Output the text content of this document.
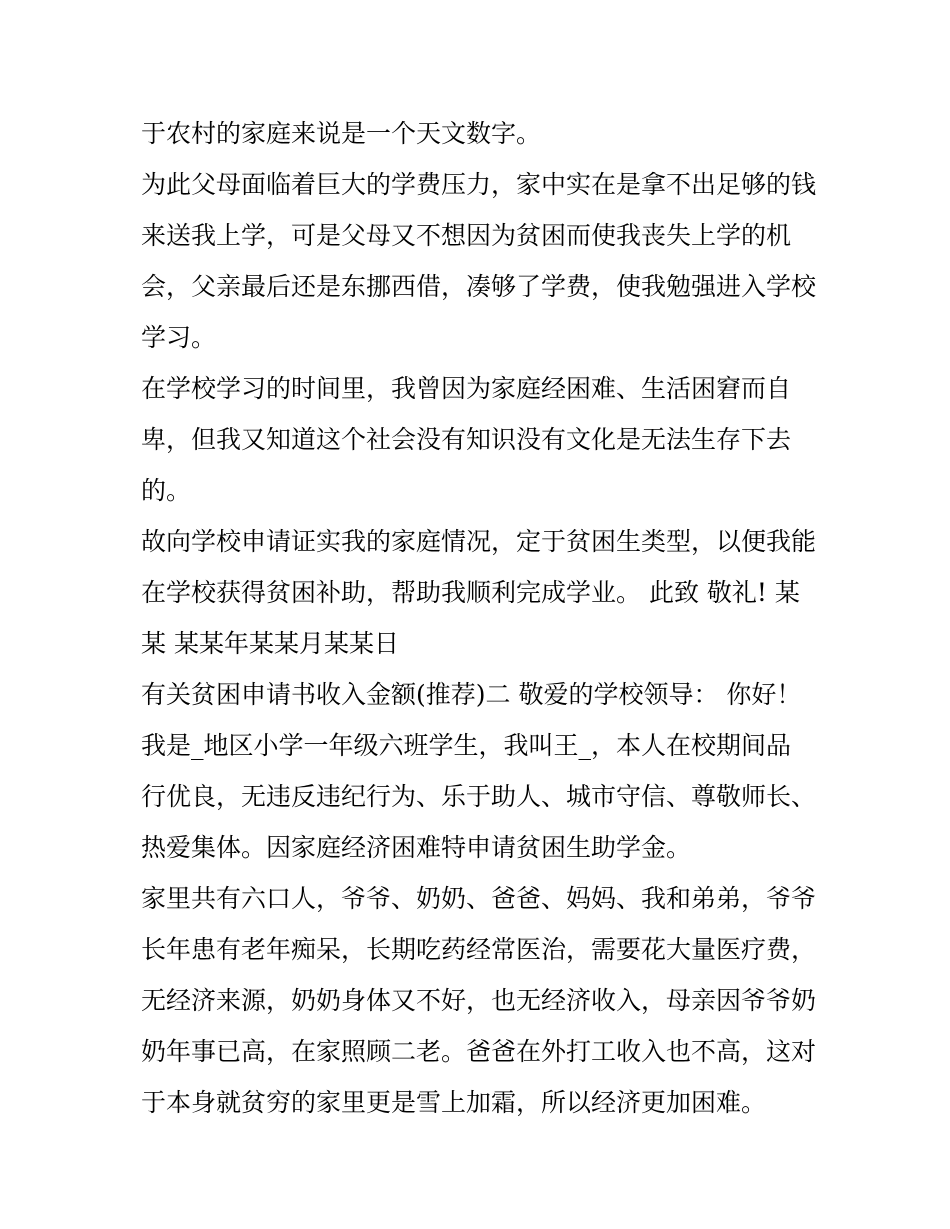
于农村的家庭来说是一个天文数字。
为此父母面临着巨大的学费压力，家中实在是拿不出足够的钱
来送我上学，可是父母又不想因为贫困而使我丧失上学的机
会，父亲最后还是东挪西借，凑够了学费，使我勉强进入学校
学习。
在学校学习的时间里，我曾因为家庭经困难、生活困窘而自
卑，但我又知道这个社会没有知识没有文化是无法生存下去
的。
故向学校申请证实我的家庭情况，定于贫困生类型，以便我能
在学校获得贫困补助，帮助我顺利完成学业。 此致 敬礼! 某
某 某某年某某月某某日
有关贫困申请书收入金额(推荐)二 敬爱的学校领导： 你好！
我是_地区小学一年级六班学生，我叫王_，本人在校期间品
行优良，无违反违纪行为、乐于助人、城市守信、尊敬师长、
热爱集体。因家庭经济困难特申请贫困生助学金。
家里共有六口人，爷爷、奶奶、爸爸、妈妈、我和弟弟，爷爷
长年患有老年痴呆，长期吃药经常医治，需要花大量医疗费，
无经济来源，奶奶身体又不好，也无经济收入，母亲因爷爷奶
奶年事已高，在家照顾二老。爸爸在外打工收入也不高，这对
于本身就贫穷的家里更是雪上加霜，所以经济更加困难。
